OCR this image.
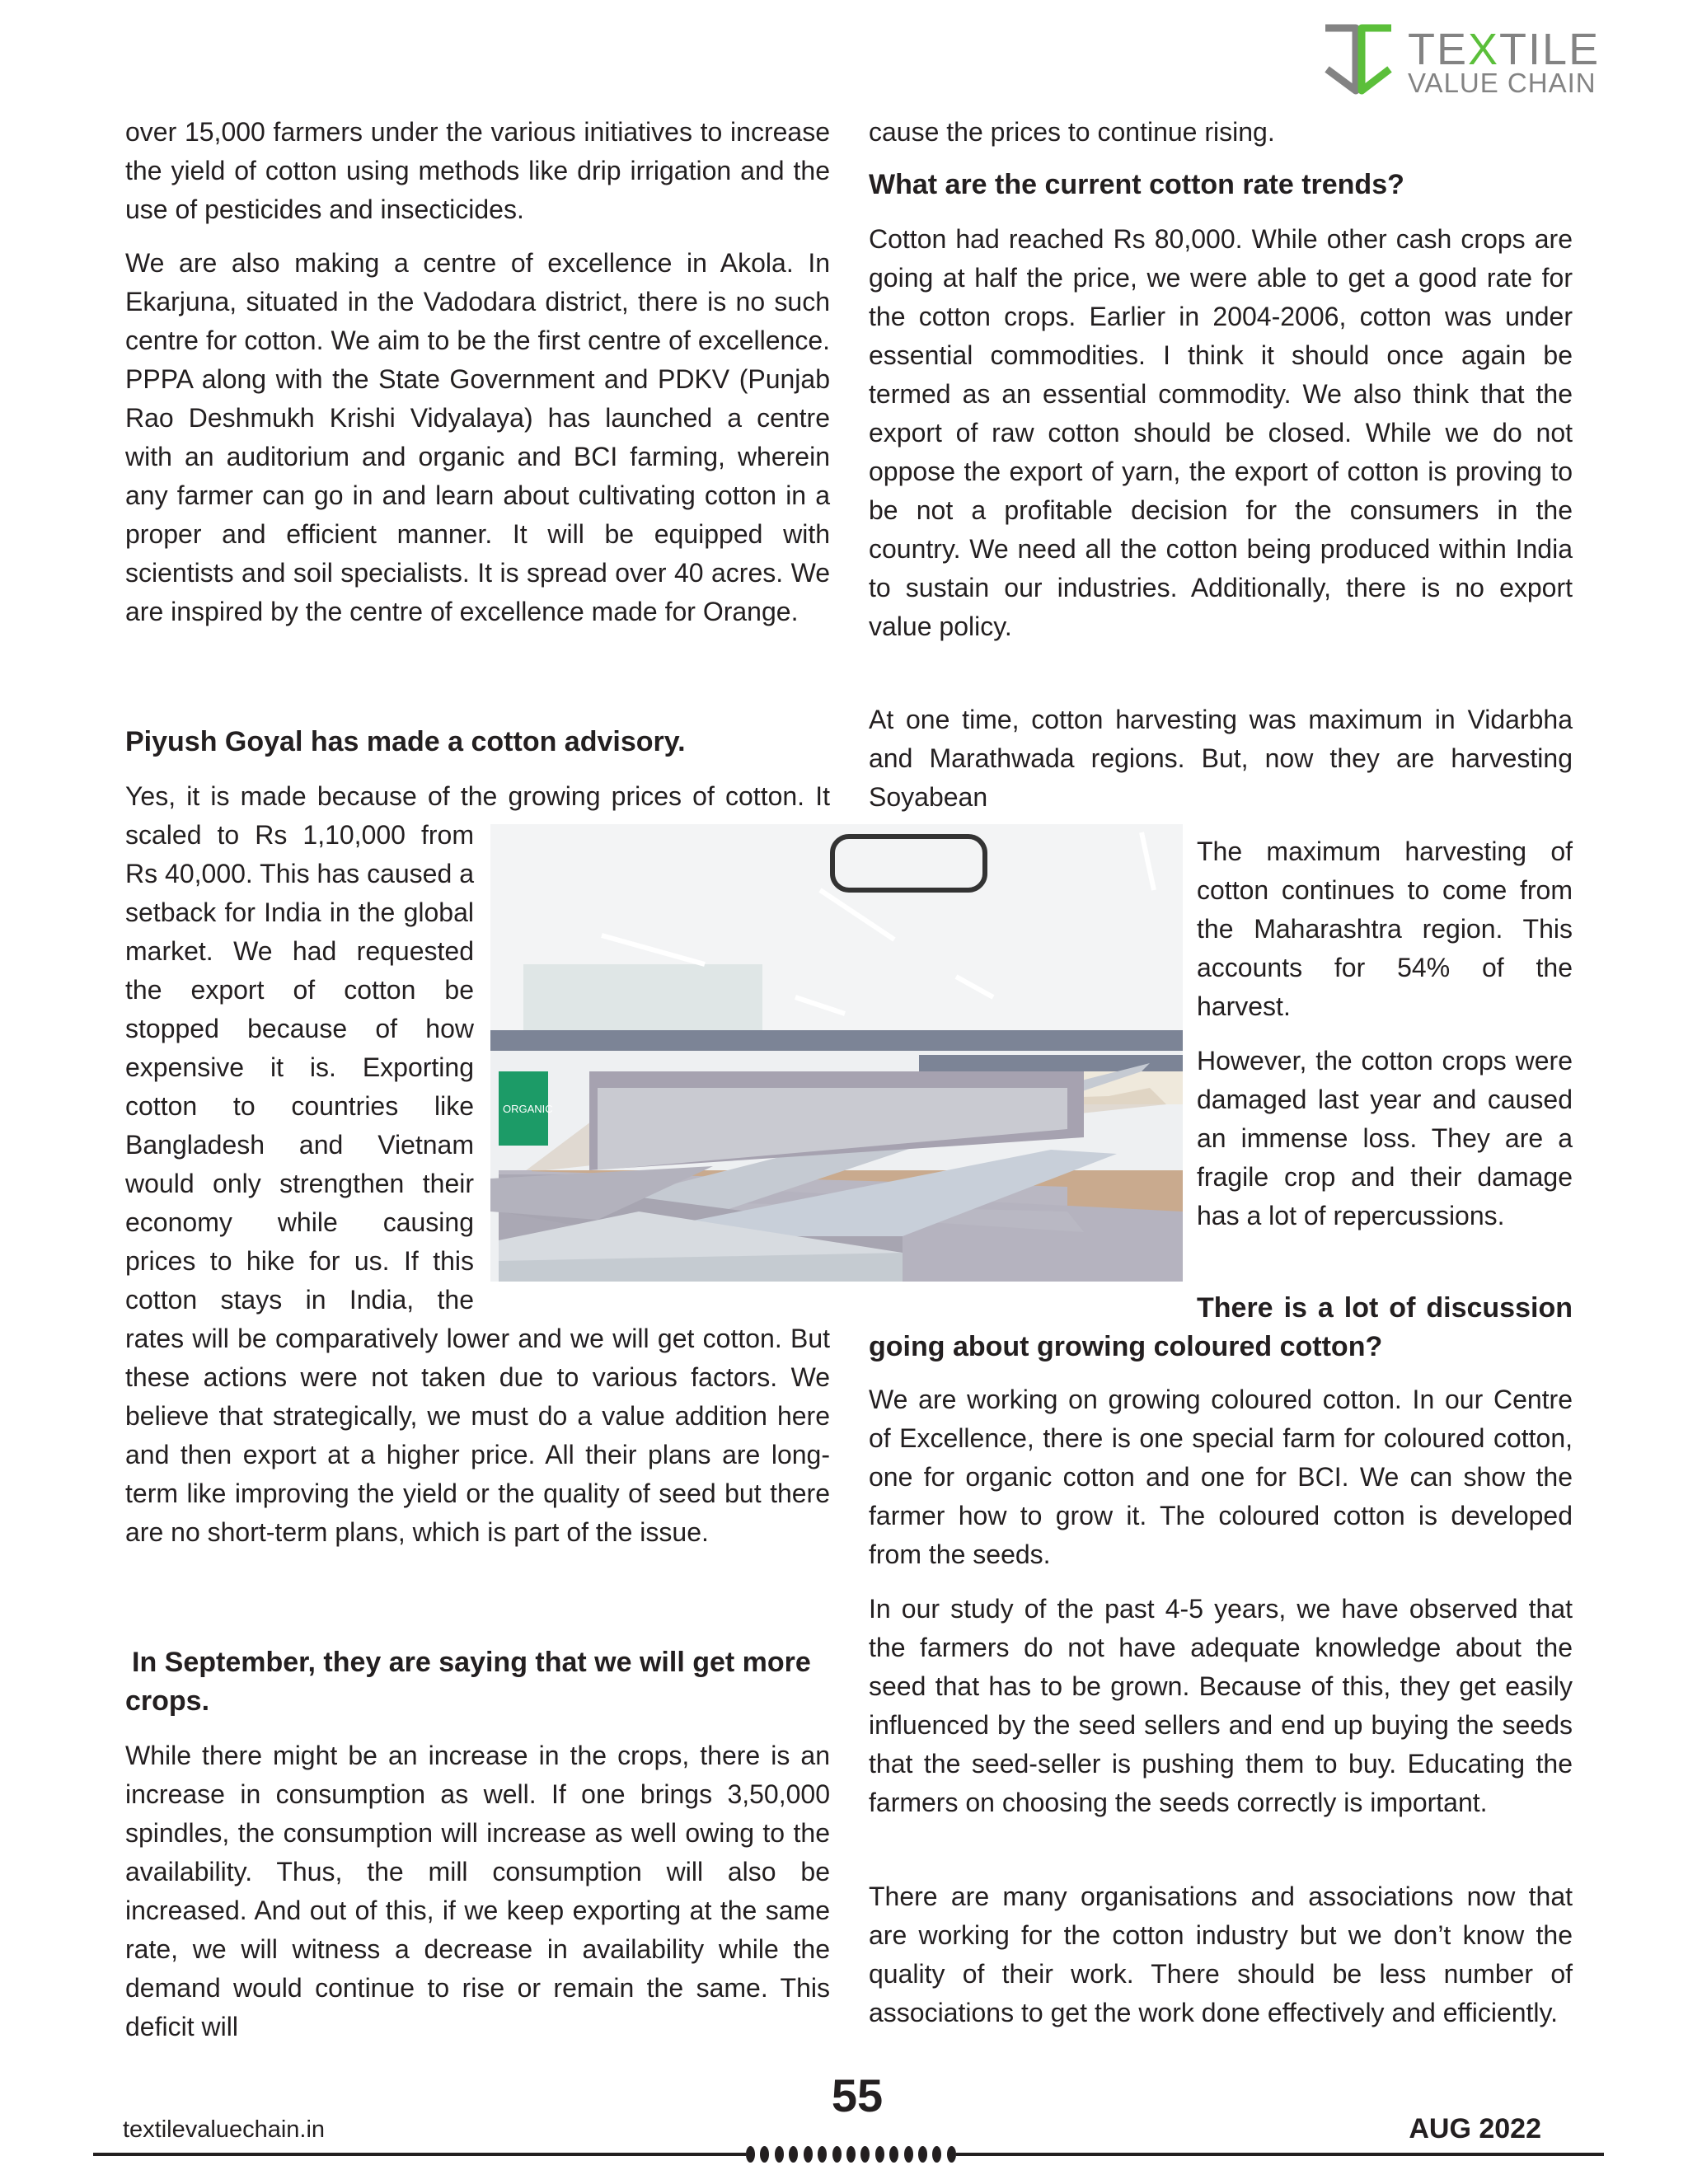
TEXTILE
VALUE CHAIN

over 15,000 farmers under the various initiatives to increase the yield of cotton using methods like drip irrigation and the use of pesticides and insecticides.

We are also making a centre of excellence in Akola. In Ekarjuna, situated in the Vadodara district, there is no such centre for cotton. We aim to be the first centre of excellence. PPPA along with the State Government and PDKV (Punjab Rao Deshmukh Krishi Vidyalaya) has launched a centre with an auditorium and organic and BCI farming, wherein any farmer can go in and learn about cultivating cotton in a proper and efficient manner. It will be equipped with scientists and soil specialists. It is spread over 40 acres. We are inspired by the centre of excellence made for Orange.

Piyush Goyal has made a cotton advisory.
Yes, it is made because of the growing prices of cotton. It scaled to Rs 1,10,000 from Rs 40,000. This has caused a setback for India in the global market. We had requested the export of cotton be stopped because of how expensive it is. Exporting cotton to countries like Bangladesh and Vietnam would only strengthen their economy while causing prices to hike for us. If this cotton stays in India, the rates will be comparatively lower and we will get cotton. But these actions were not taken due to various factors. We believe that strategically, we must do a value addition here and then export at a higher price. All their plans are long-term like improving the yield or the quality of seed but there are no short-term plans, which is part of the issue.
In September, they are saying that we will get more crops.

While there might be an increase in the crops, there is an increase in consumption as well. If one brings 3,50,000 spindles, the consumption will increase as well owing to the availability. Thus, the mill consumption will also be increased. And out of this, if we keep exporting at the same rate, we will witness a decrease in availability while the demand would continue to rise or remain the same. This deficit will

cause the prices to continue rising.

What are the current cotton rate trends?

Cotton had reached Rs 80,000. While other cash crops are going at half the price, we were able to get a good rate for the cotton crops. Earlier in 2004-2006, cotton was under essential commodities. I think it should once again be termed as an essential commodity. We also think that the export of raw cotton should be closed. While we do not oppose the export of yarn, the export of cotton is proving to be not a profitable decision for the consumers in the country. We need all the cotton being produced within India to sustain our industries. Additionally, there is no export value policy.

At one time, cotton harvesting was maximum in Vidarbha and Marathwada regions. But, now they are harvesting Soyabean

The maximum harvesting of cotton continues to come from the Maharashtra region. This accounts for 54% of the harvest.

However, the cotton crops were damaged last year and caused an immense loss. They are a fragile crop and their damage has a lot of repercussions.

There is a lot of discussion going about growing coloured cotton?

We are working on growing coloured cotton. In our Centre of Excellence, there is one special farm for coloured cotton, one for organic cotton and one for BCI. We can show the farmer how to grow it. The coloured cotton is developed from the seeds.

In our study of the past 4-5 years, we have observed that the farmers do not have adequate knowledge about the seed that has to be grown. Because of this, they get easily influenced by the seed sellers and end up buying the seeds that the seed-seller is pushing them to buy. Educating the farmers on choosing the seeds correctly is important.

There are many organisations and associations now that are working for the cotton industry but we don’t know the quality of their work. There should be less number of associations to get the work done effectively and efficiently.

ORGANIC
55
textilevaluechain.in	AUG 2022
